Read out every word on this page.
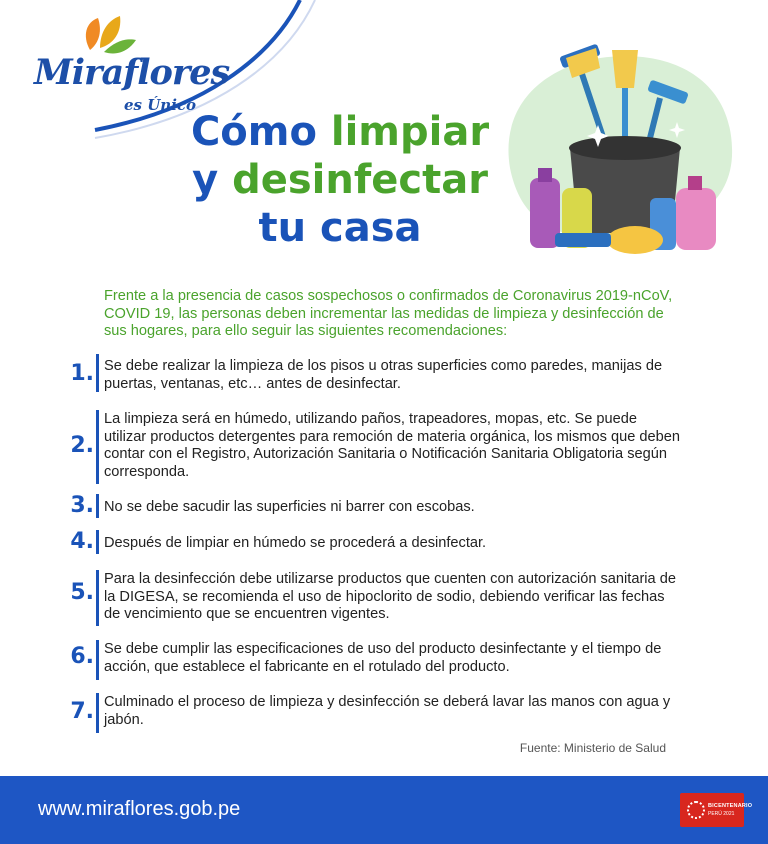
Miraflores
es Único
Cómo limpiar
y desinfectar
tu casa
Frente a la presencia de casos sospechosos o confirmados de Coronavirus 2019-nCoV, COVID 19, las personas deben incrementar las medidas de limpieza y desinfección de sus hogares, para ello seguir las siguientes recomendaciones:
1. Se debe realizar la limpieza de los pisos u otras superficies como paredes, manijas de puertas, ventanas, etc… antes de desinfectar.
2.
La limpieza será en húmedo, utilizando paños, trapeadores, mopas, etc. Se puede utilizar productos detergentes para remoción de materia orgánica, los mismos que deben contar con el Registro, Autorización Sanitaria o Notificación Sanitaria Obligatoria según corresponda.
3. No se debe sacudir las superficies ni barrer con escobas.
4. Después de limpiar en húmedo se procederá a desinfectar.
5.
Para la desinfección debe utilizarse productos que cuenten con autorización sanitaria de la DIGESA, se recomienda el uso de hipoclorito de sodio, debiendo verificar las fechas de vencimiento que se encuentren vigentes.
6. Se debe cumplir las especificaciones de uso del producto desinfectante y el tiempo de acción, que establece el fabricante en el rotulado del producto.
7. Culminado el proceso de limpieza y desinfección se deberá lavar las manos con agua y jabón.
Fuente: Ministerio de Salud
www.miraflores.gob.pe	BICENTENARIO
PERÚ 2021
